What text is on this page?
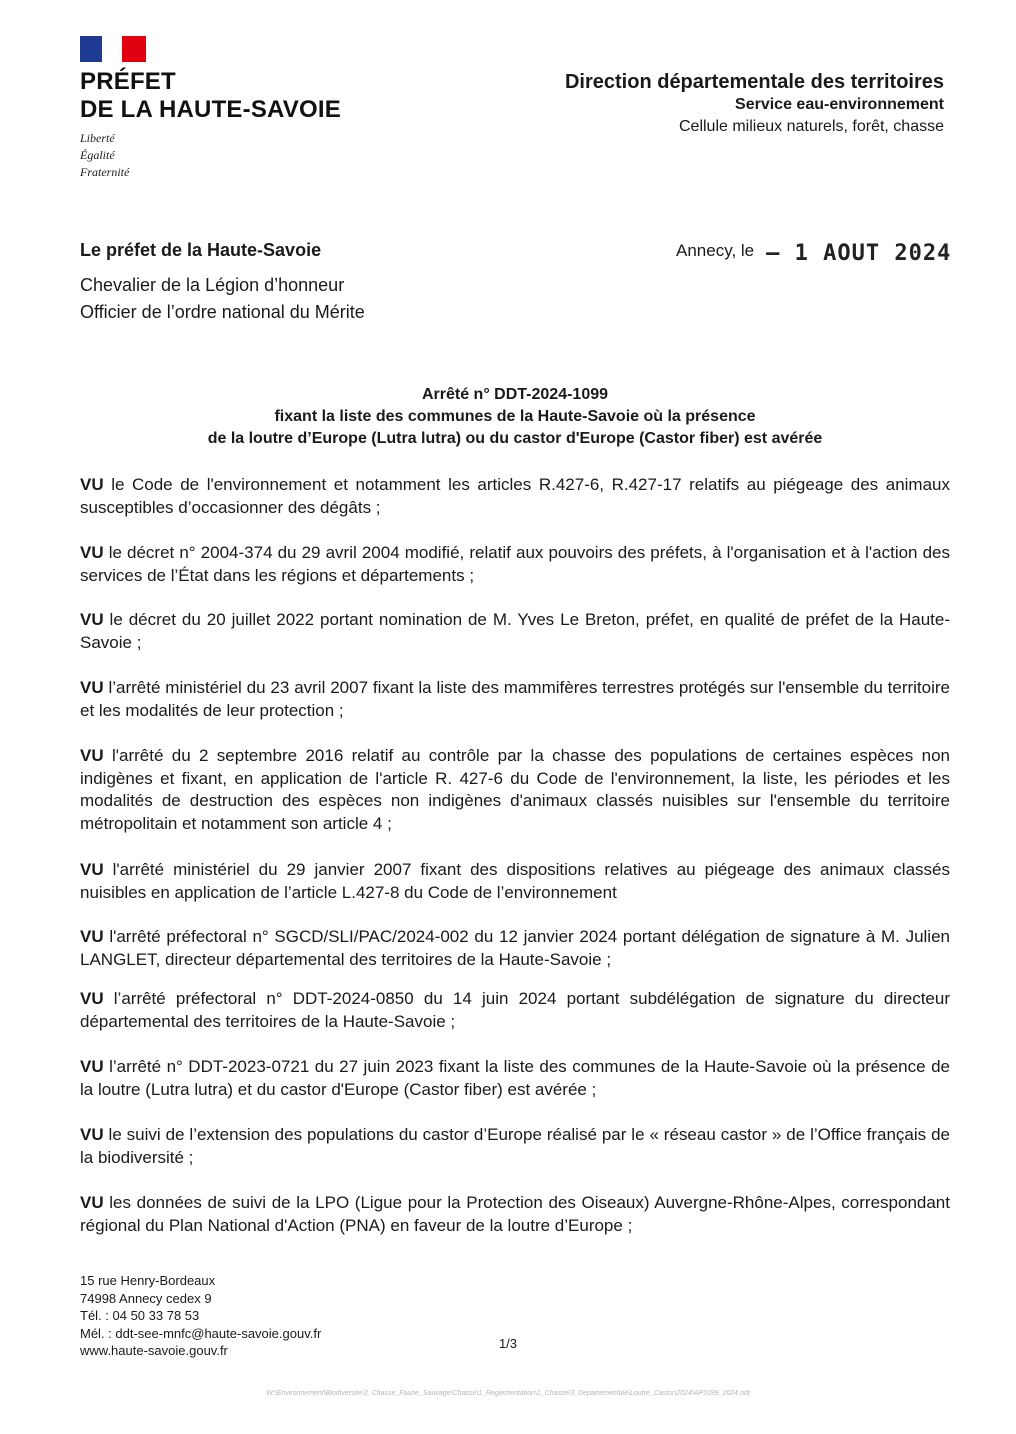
PRÉFET
DE LA HAUTE-SAVOIE
Liberté
Égalité
Fraternité
Direction départementale des territoires
Service eau-environnement
Cellule milieux naturels, forêt, chasse
Le préfet de la Haute-Savoie
Chevalier de la Légion d’honneur
Officier de l’ordre national du Mérite
Annecy, le – 1 AOUT 2024
Arrêté n° DDT-2024-1099
fixant la liste des communes de la Haute-Savoie où la présence
de la loutre d’Europe (Lutra lutra) ou du castor d'Europe (Castor fiber) est avérée
VU le Code de l'environnement et notamment les articles R.427-6, R.427-17 relatifs au piégeage des animaux susceptibles d’occasionner des dégâts ;
VU le décret n° 2004-374 du 29 avril 2004 modifié, relatif aux pouvoirs des préfets, à l'organisation et à l'action des services de l’État dans les régions et départements ;
VU le décret du 20 juillet 2022 portant nomination de M. Yves Le Breton, préfet, en qualité de préfet de la Haute-Savoie ;
VU l’arrêté ministériel du 23 avril 2007 fixant la liste des mammifères terrestres protégés sur l'ensemble du territoire et les modalités de leur protection ;
VU l'arrêté du 2 septembre 2016 relatif au contrôle par la chasse des populations de certaines espèces non indigènes et fixant, en application de l'article R. 427-6 du Code de l'environnement, la liste, les périodes et les modalités de destruction des espèces non indigènes d'animaux classés nuisibles sur l'ensemble du territoire métropolitain et notamment son article 4 ;
VU l'arrêté ministériel du 29 janvier 2007 fixant des dispositions relatives au piégeage des animaux classés nuisibles en application de l’article L.427-8 du Code de l’environnement
VU l'arrêté préfectoral n° SGCD/SLI/PAC/2024-002 du 12 janvier 2024 portant délégation de signature à M. Julien LANGLET, directeur départemental des territoires de la Haute-Savoie ;
VU l’arrêté préfectoral n° DDT-2024-0850 du 14 juin 2024 portant subdélégation de signature du directeur départemental des territoires de la Haute-Savoie ;
VU l’arrêté n° DDT-2023-0721 du 27 juin 2023 fixant la liste des communes de la Haute-Savoie où la présence de la loutre (Lutra lutra) et du castor d'Europe (Castor fiber) est avérée ;
VU le suivi de l’extension des populations du castor d’Europe réalisé par le « réseau castor » de l’Office français de la biodiversité ;
VU les données de suivi de la LPO (Ligue pour la Protection des Oiseaux) Auvergne-Rhône-Alpes, correspondant régional du Plan National d'Action (PNA) en faveur de la loutre d’Europe ;
15 rue Henry-Bordeaux
74998 Annecy cedex 9
Tél. : 04 50 33 78 53
Mél. : ddt-see-mnfc@haute-savoie.gouv.fr
www.haute-savoie.gouv.fr	1/3
W:\Environnement\Biodiversite\3_Chasse_Faune_Sauvage\Chasse\1_Reglementation\1_Chasse\3_Departementale\Loutre_Castor\2024\AP1099_2024.odt
